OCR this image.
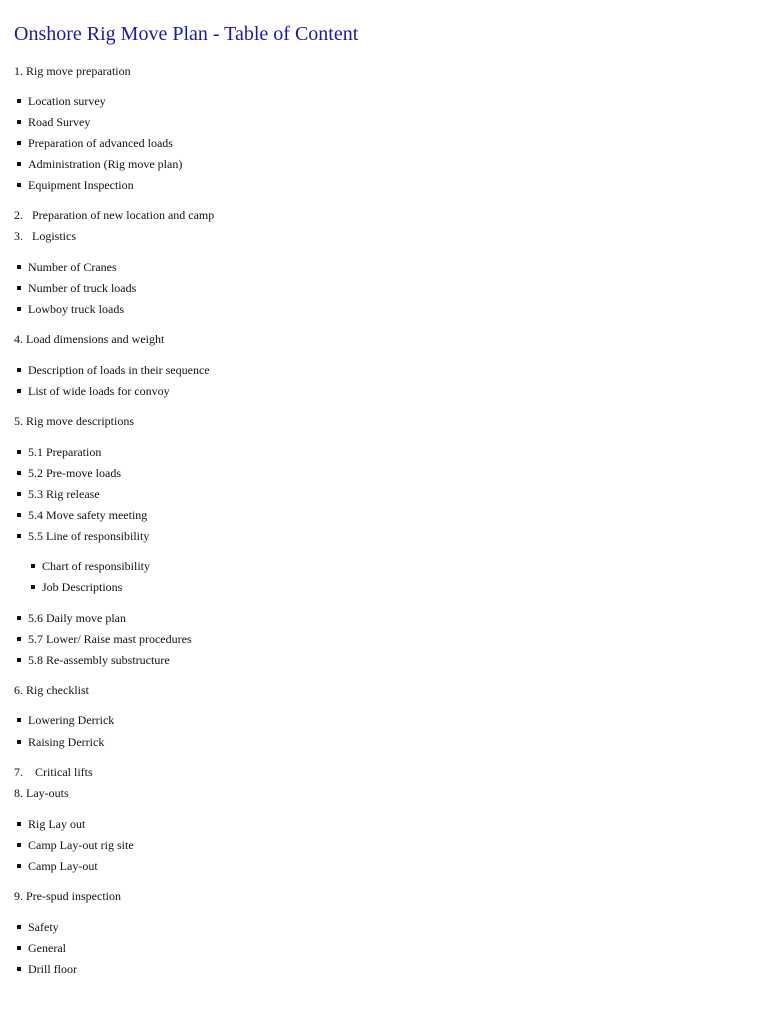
Onshore Rig Move Plan - Table of Content
1. Rig move preparation
Location survey
Road Survey
Preparation of advanced loads
Administration (Rig move plan)
Equipment Inspection
2.   Preparation of new location and camp
3.   Logistics
Number of Cranes
Number of truck loads
Lowboy truck loads
4. Load dimensions and weight
Description of loads in their sequence
List of wide loads for convoy
5. Rig move descriptions
5.1 Preparation
5.2 Pre-move loads
5.3 Rig release
5.4 Move safety meeting
5.5 Line of responsibility
Chart of responsibility
Job Descriptions
5.6 Daily move plan
5.7 Lower/ Raise mast procedures
5.8 Re-assembly substructure
6. Rig checklist
Lowering Derrick
Raising Derrick
7.    Critical lifts
8. Lay-outs
Rig Lay out
Camp Lay-out rig site
Camp Lay-out
9. Pre-spud inspection
Safety
General
Drill floor
